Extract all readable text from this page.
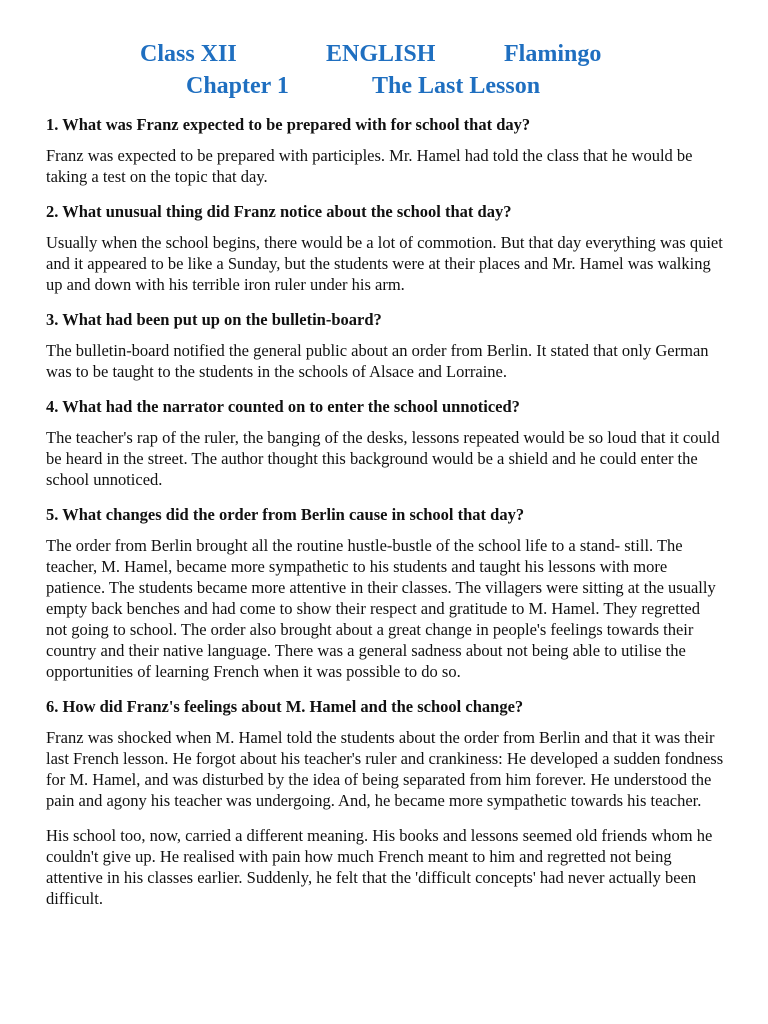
Class XII	ENGLISH	Flamingo
Chapter 1	The Last Lesson

1. What was Franz expected to be prepared with for school that day?

Franz was expected to be prepared with participles. Mr. Hamel had told the class that he would be taking a test on the topic that day.

2. What unusual thing did Franz notice about the school that day?

Usually when the school begins, there would be a lot of commotion. But that day everything was quiet and it appeared to be like a Sunday, but the students were at their places and Mr. Hamel was walking up and down with his terrible iron ruler under his arm.

3. What had been put up on the bulletin-board?

The bulletin-board notified the general public about an order from Berlin. It stated that only German was to be taught to the students in the schools of Alsace and Lorraine.

4. What had the narrator counted on to enter the school unnoticed?

The teacher's rap of the ruler, the banging of the desks, lessons repeated would be so loud that it could be heard in the street. The author thought this background would be a shield and he could enter the school unnoticed.

5. What changes did the order from Berlin cause in school that day?

The order from Berlin brought all the routine hustle-bustle of the school life to a stand- still. The teacher, M. Hamel, became more sympathetic to his students and taught his lessons with more patience. The students became more attentive in their classes. The villagers were sitting at the usually empty back benches and had come to show their respect and gratitude to M. Hamel. They regretted not going to school. The order also brought about a great change in people's feelings towards their country and their native language. There was a general sadness about not being able to utilise the opportunities of learning French when it was possible to do so.

6. How did Franz's feelings about M. Hamel and the school change?

Franz was shocked when M. Hamel told the students about the order from Berlin and that it was their last French lesson. He forgot about his teacher's ruler and crankiness: He developed a sudden fondness for M. Hamel, and was disturbed by the idea of being separated from him forever. He understood the pain and agony his teacher was undergoing. And, he became more sympathetic towards his teacher.

His school too, now, carried a different meaning. His books and lessons seemed old friends whom he couldn't give up. He realised with pain how much French meant to him and regretted not being attentive in his classes earlier. Suddenly, he felt that the 'difficult concepts' had never actually been difficult.
